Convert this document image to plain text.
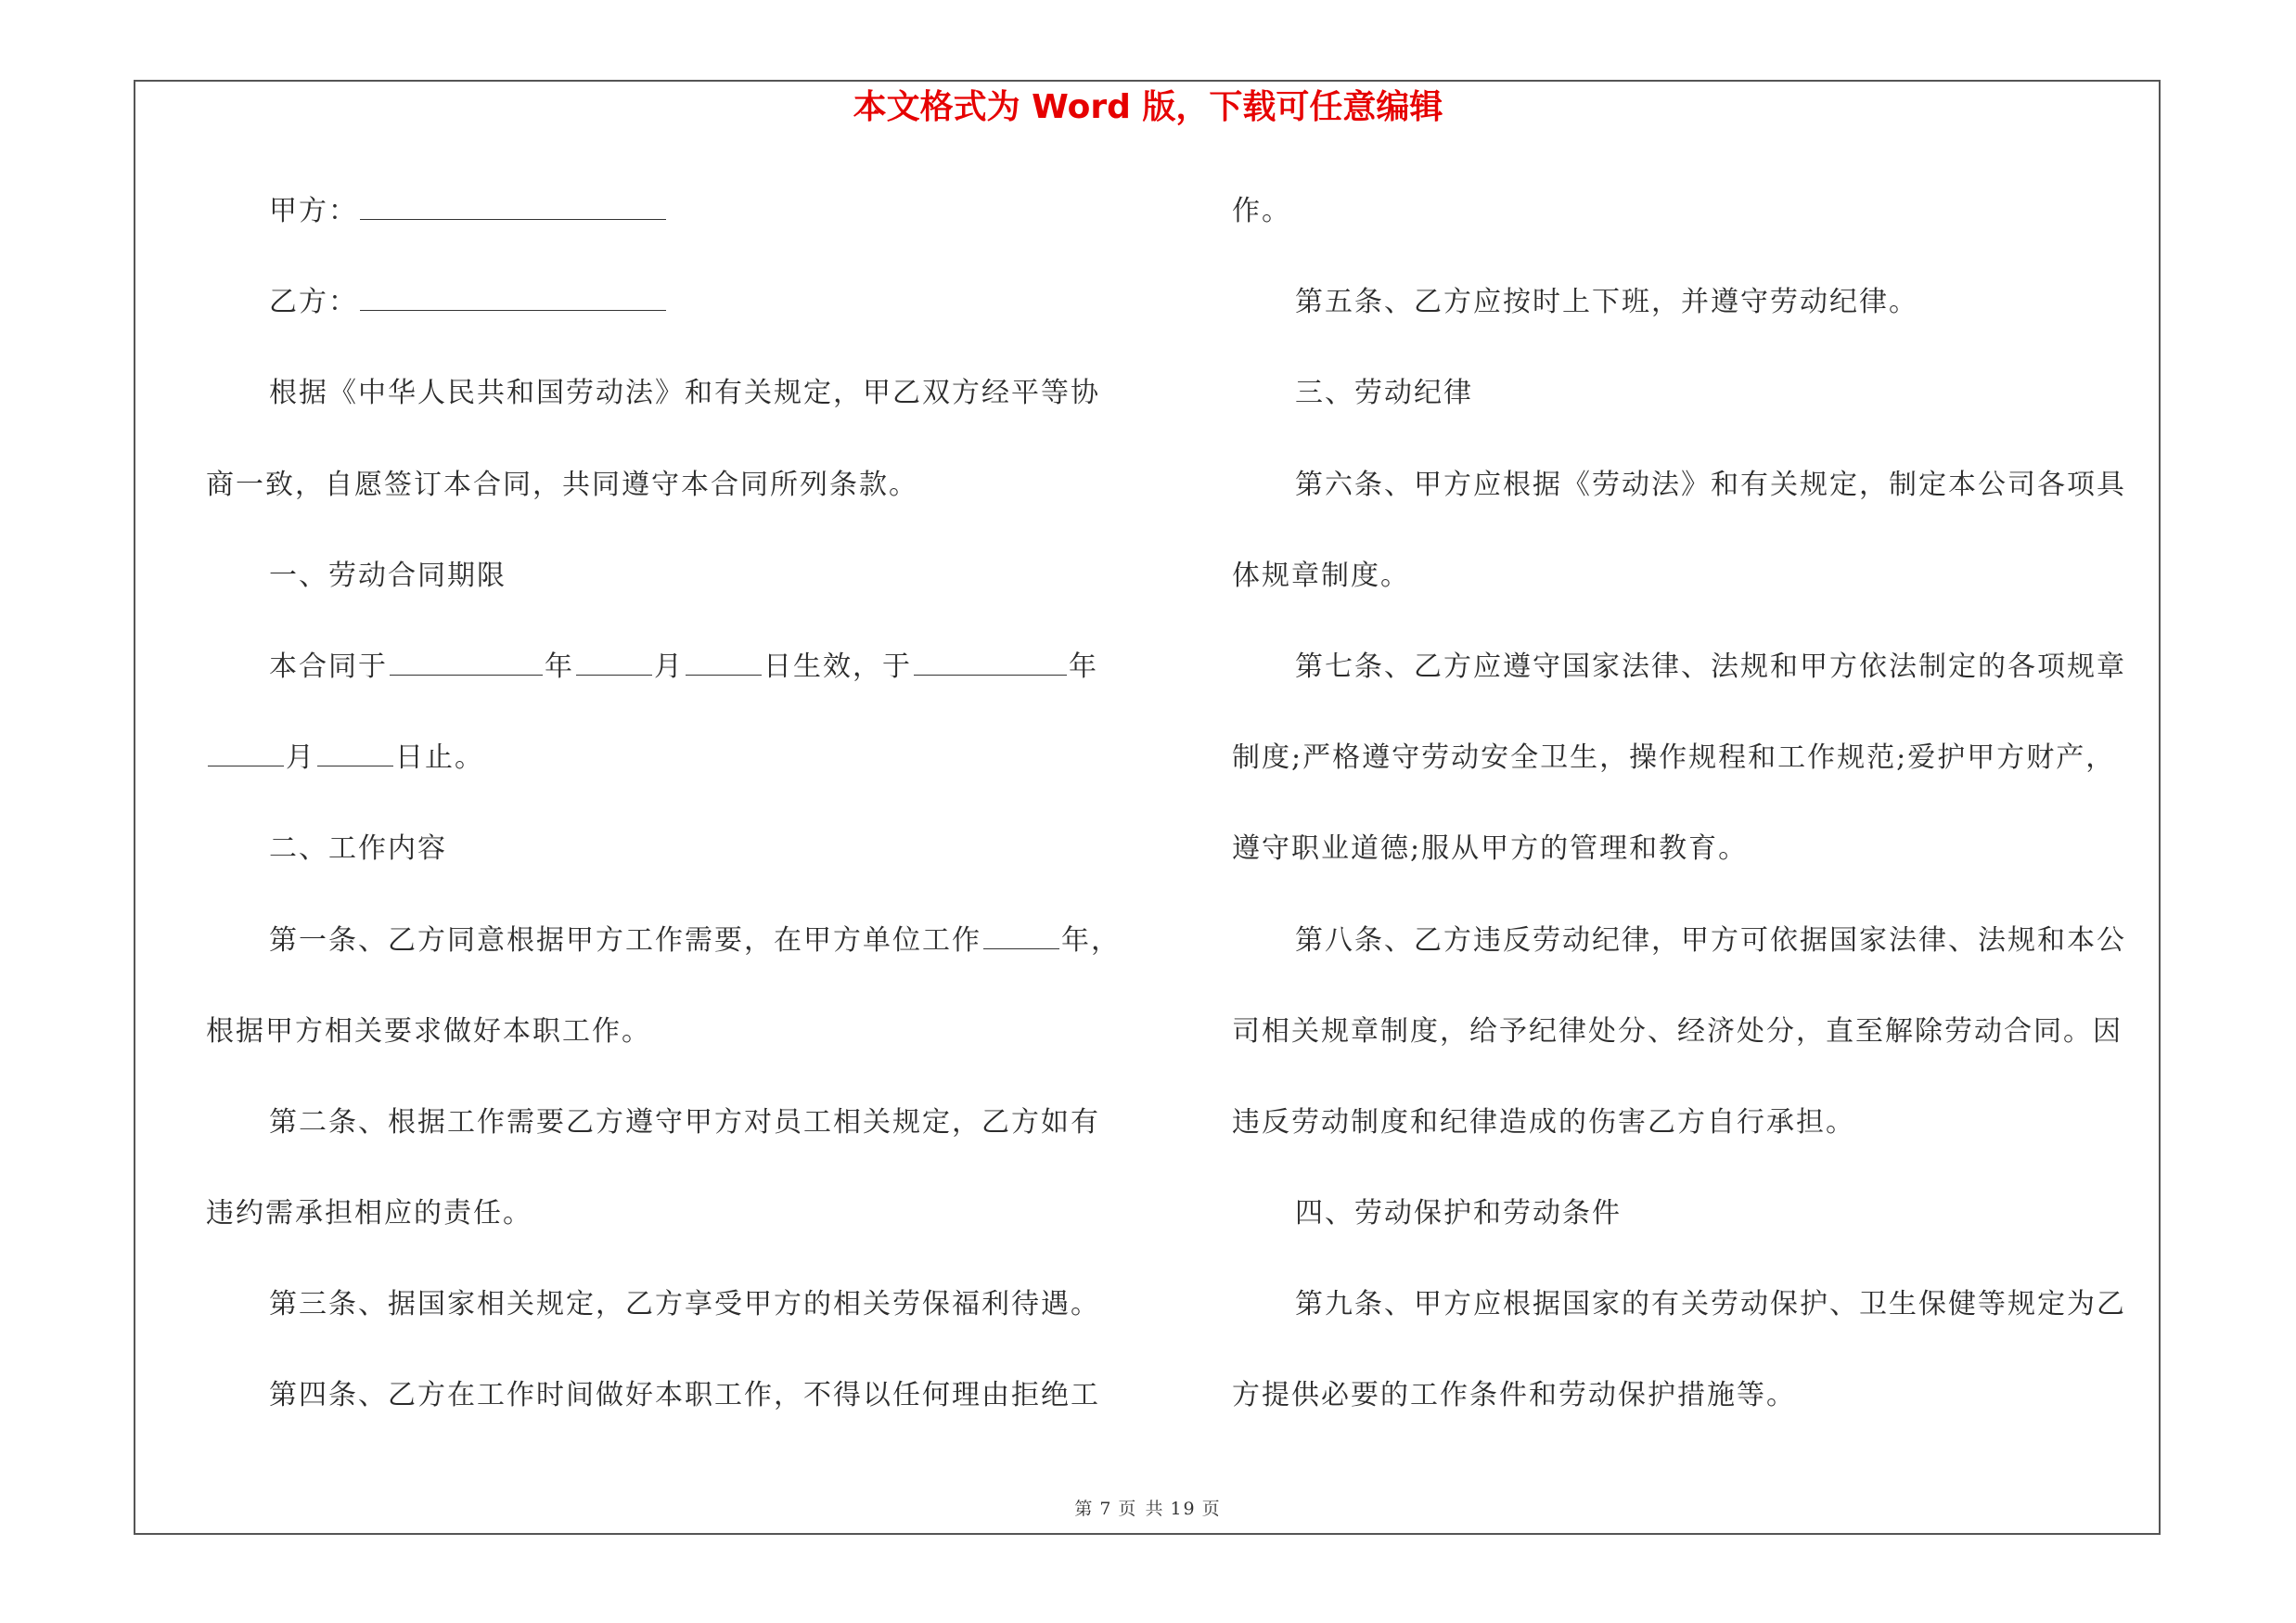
本文格式为 Word 版，下载可任意编辑
甲方：
乙方：
根据《中华人民共和国劳动法》和有关规定，甲乙双方经平等协
商一致，自愿签订本合同，共同遵守本合同所列条款。
一、劳动合同期限
本合同于	年	月	日生效，于	年
月	日止。
二、工作内容
第一条、乙方同意根据甲方工作需要，在甲方单位工作	年，
根据甲方相关要求做好本职工作。
第二条、根据工作需要乙方遵守甲方对员工相关规定，乙方如有
违约需承担相应的责任。
第三条、据国家相关规定，乙方享受甲方的相关劳保福利待遇。
第四条、乙方在工作时间做好本职工作，不得以任何理由拒绝工
作。
第五条、乙方应按时上下班，并遵守劳动纪律。
三、劳动纪律
第六条、甲方应根据《劳动法》和有关规定，制定本公司各项具
体规章制度。
第七条、乙方应遵守国家法律、法规和甲方依法制定的各项规章
制度;严格遵守劳动安全卫生，操作规程和工作规范;爱护甲方财产，
遵守职业道德;服从甲方的管理和教育。
第八条、乙方违反劳动纪律，甲方可依据国家法律、法规和本公
司相关规章制度，给予纪律处分、经济处分，直至解除劳动合同。因
违反劳动制度和纪律造成的伤害乙方自行承担。
四、劳动保护和劳动条件
第九条、甲方应根据国家的有关劳动保护、卫生保健等规定为乙
方提供必要的工作条件和劳动保护措施等。
第 7 页 共 19 页
